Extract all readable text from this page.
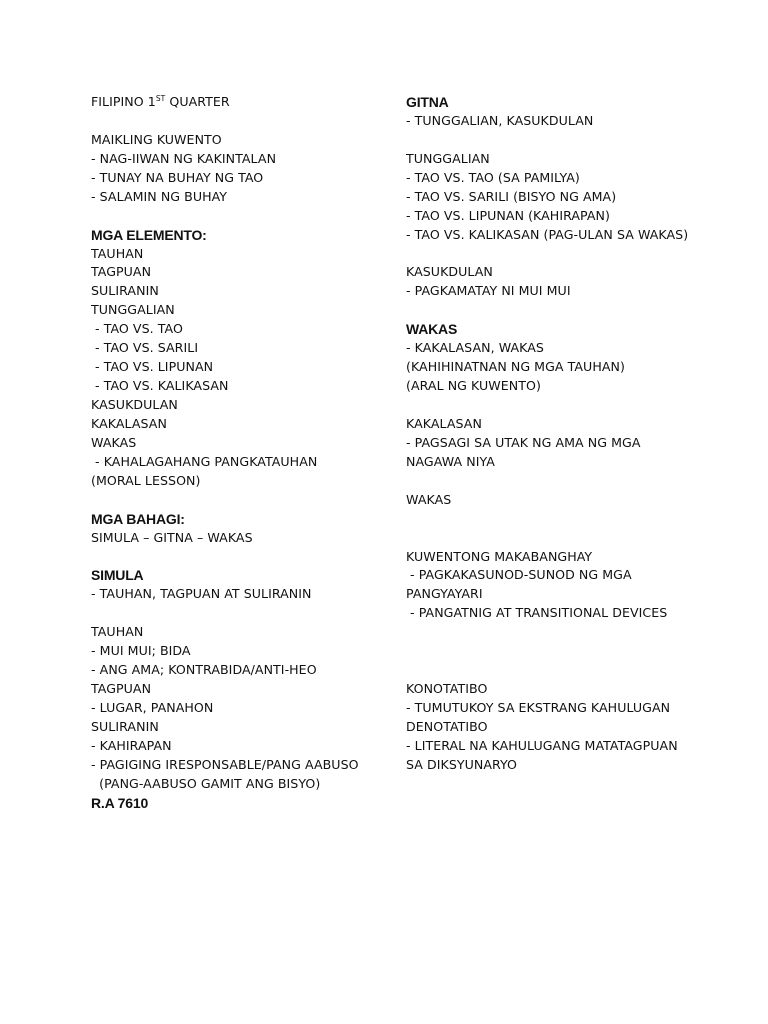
FILIPINO 1ST QUARTER
MAIKLING KUWENTO
- NAG-IIWAN NG KAKINTALAN
- TUNAY NA BUHAY NG TAO
- SALAMIN NG BUHAY
MGA ELEMENTO:
TAUHAN
TAGPUAN
SULIRANIN
TUNGGALIAN
- TAO VS. TAO
- TAO VS. SARILI
- TAO VS. LIPUNAN
- TAO VS. KALIKASAN
KASUKDULAN
KAKALASAN
WAKAS
- KAHALAGAHANG PANGKATAUHAN
(MORAL LESSON)
MGA BAHAGI:
SIMULA – GITNA – WAKAS
SIMULA
- TAUHAN, TAGPUAN AT SULIRANIN
TAUHAN
- MUI MUI; BIDA
- ANG AMA; KONTRABIDA/ANTI-HEO
TAGPUAN
- LUGAR, PANAHON
SULIRANIN
- KAHIRAPAN
- PAGIGING IRESPONSABLE/PANG AABUSO
(PANG-AABUSO GAMIT ANG BISYO)
R.A 7610
GITNA
- TUNGGALIAN, KASUKDULAN
TUNGGALIAN
- TAO VS. TAO (SA PAMILYA)
- TAO VS. SARILI (BISYO NG AMA)
- TAO VS. LIPUNAN (KAHIRAPAN)
- TAO VS. KALIKASAN (PAG-ULAN SA WAKAS)
KASUKDULAN
- PAGKAMATAY NI MUI MUI
WAKAS
- KAKALASAN, WAKAS
(KAHIHINATNAN NG MGA TAUHAN)
(ARAL NG KUWENTO)
KAKALASAN
- PAGSAGI SA UTAK NG AMA NG MGA
NAGAWA NIYA
WAKAS
KUWENTONG MAKABANGHAY
- PAGKAKASUNOD-SUNOD NG MGA
PANGYAYARI
- PANGATNIG AT TRANSITIONAL DEVICES
KONOTATIBO
- TUMUTUKOY SA EKSTRANG KAHULUGAN
DENOTATIBO
- LITERAL NA KAHULUGANG MATATAGPUAN
SA DIKSYUNARYO
